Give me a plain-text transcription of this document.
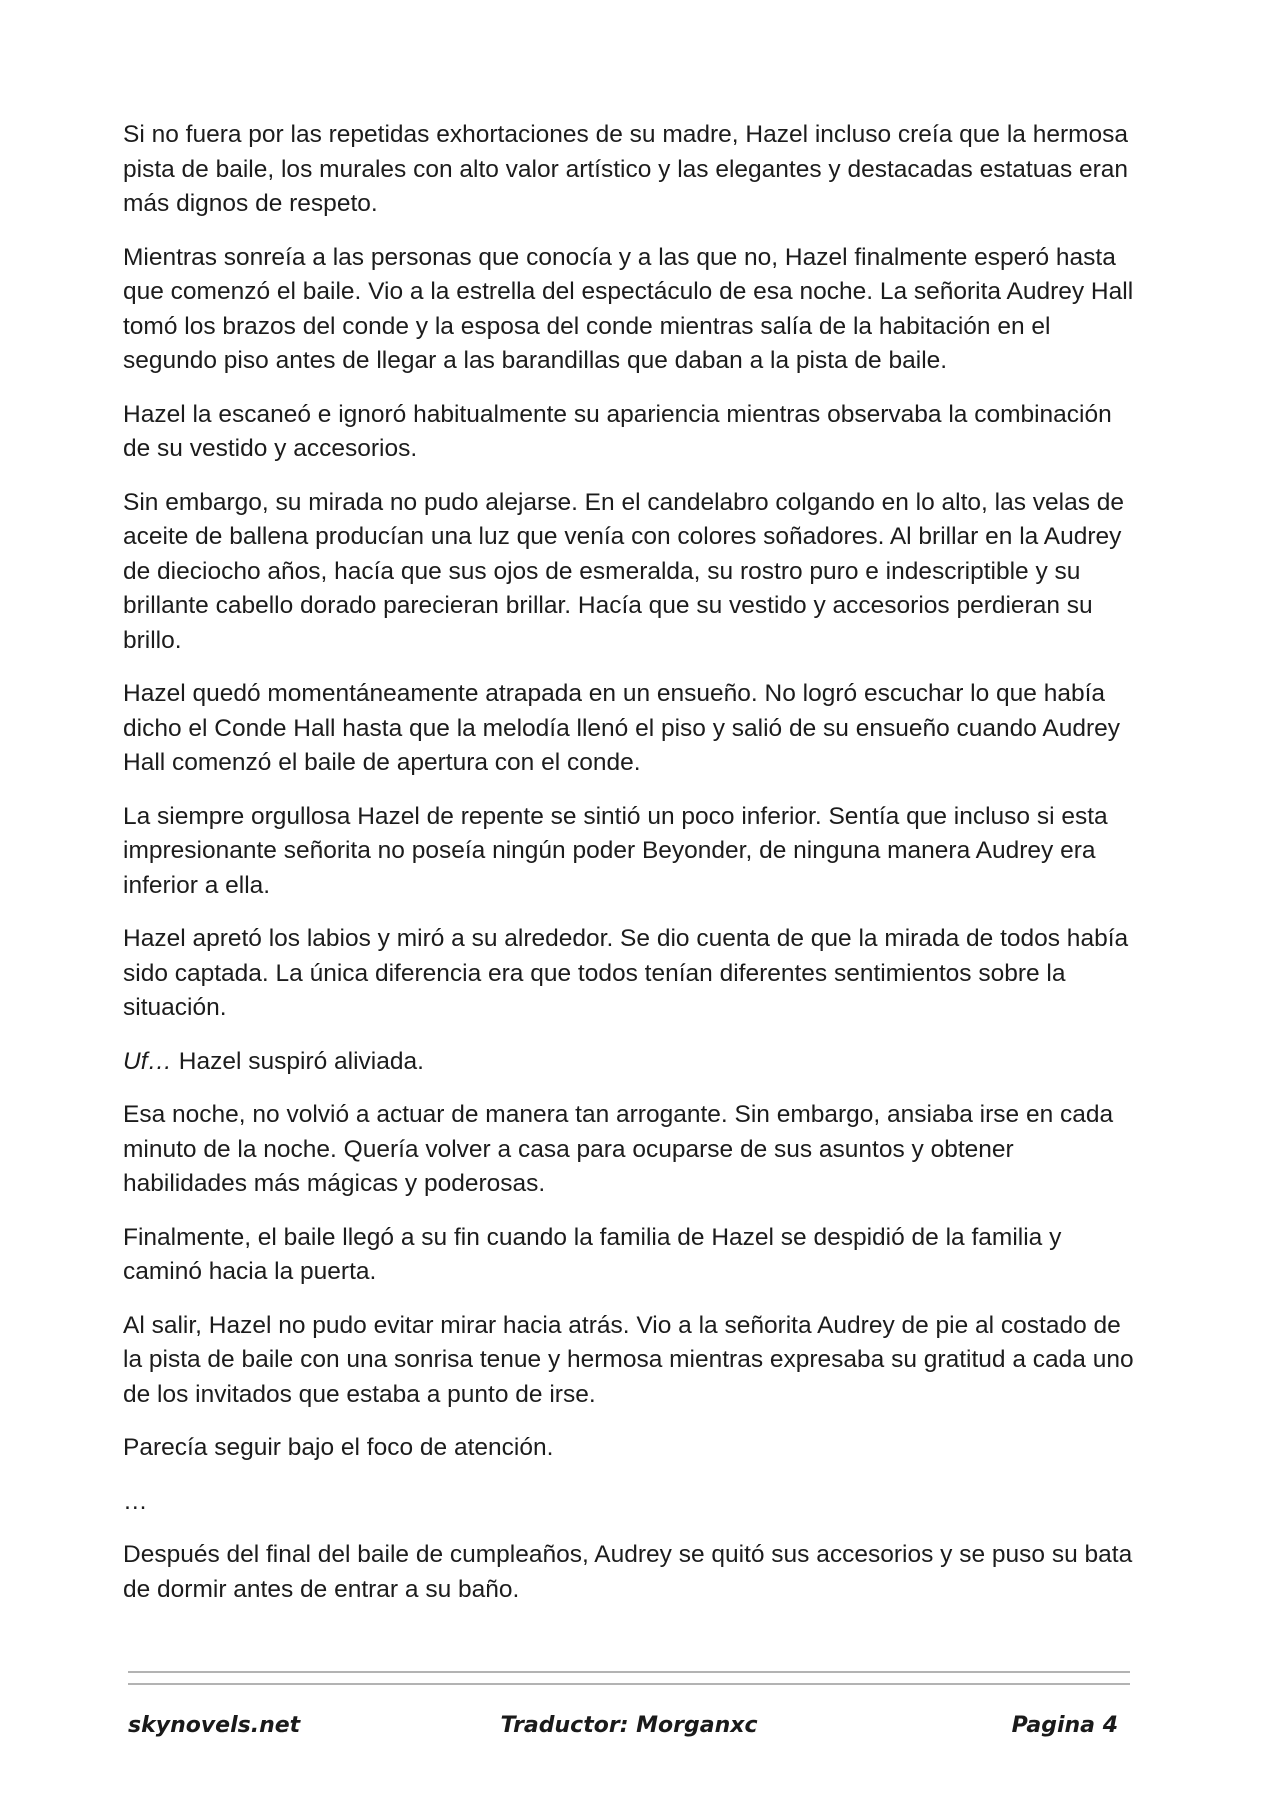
Si no fuera por las repetidas exhortaciones de su madre, Hazel incluso creía que la hermosa pista de baile, los murales con alto valor artístico y las elegantes y destacadas estatuas eran más dignos de respeto.

Mientras sonreía a las personas que conocía y a las que no, Hazel finalmente esperó hasta que comenzó el baile. Vio a la estrella del espectáculo de esa noche. La señorita Audrey Hall tomó los brazos del conde y la esposa del conde mientras salía de la habitación en el segundo piso antes de llegar a las barandillas que daban a la pista de baile.

Hazel la escaneó e ignoró habitualmente su apariencia mientras observaba la combinación de su vestido y accesorios.

Sin embargo, su mirada no pudo alejarse. En el candelabro colgando en lo alto, las velas de aceite de ballena producían una luz que venía con colores soñadores. Al brillar en la Audrey de dieciocho años, hacía que sus ojos de esmeralda, su rostro puro e indescriptible y su brillante cabello dorado parecieran brillar. Hacía que su vestido y accesorios perdieran su brillo.

Hazel quedó momentáneamente atrapada en un ensueño. No logró escuchar lo que había dicho el Conde Hall hasta que la melodía llenó el piso y salió de su ensueño cuando Audrey Hall comenzó el baile de apertura con el conde.

La siempre orgullosa Hazel de repente se sintió un poco inferior. Sentía que incluso si esta impresionante señorita no poseía ningún poder Beyonder, de ninguna manera Audrey era inferior a ella.

Hazel apretó los labios y miró a su alrededor. Se dio cuenta de que la mirada de todos había sido captada. La única diferencia era que todos tenían diferentes sentimientos sobre la situación.

Uf… Hazel suspiró aliviada.

Esa noche, no volvió a actuar de manera tan arrogante. Sin embargo, ansiaba irse en cada minuto de la noche. Quería volver a casa para ocuparse de sus asuntos y obtener habilidades más mágicas y poderosas.

Finalmente, el baile llegó a su fin cuando la familia de Hazel se despidió de la familia y caminó hacia la puerta.

Al salir, Hazel no pudo evitar mirar hacia atrás. Vio a la señorita Audrey de pie al costado de la pista de baile con una sonrisa tenue y hermosa mientras expresaba su gratitud a cada uno de los invitados que estaba a punto de irse.

Parecía seguir bajo el foco de atención.

…

Después del final del baile de cumpleaños, Audrey se quitó sus accesorios y se puso su bata de dormir antes de entrar a su baño.

skynovels.net	Traductor: Morganxc	Pagina 4
